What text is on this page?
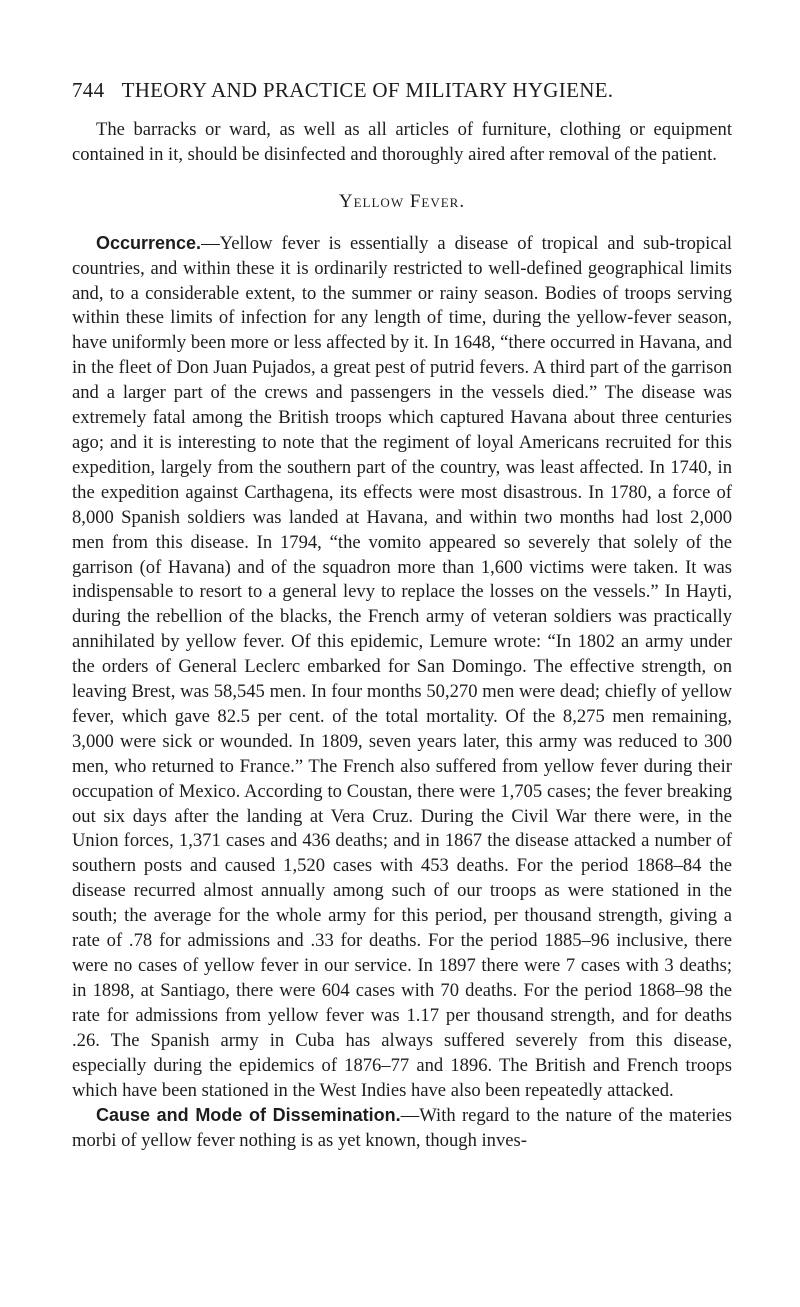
744 THEORY AND PRACTICE OF MILITARY HYGIENE.

The barracks or ward, as well as all articles of furniture, clothing or equipment contained in it, should be disinfected and thoroughly aired after removal of the patient.

Yellow Fever.

Occurrence.—Yellow fever is essentially a disease of tropical and sub-tropical countries, and within these it is ordinarily restricted to well-defined geographical limits and, to a considerable extent, to the summer or rainy season. Bodies of troops serving within these limits of infection for any length of time, during the yellow-fever season, have uniformly been more or less affected by it. In 1648, “there occurred in Havana, and in the fleet of Don Juan Pujados, a great pest of putrid fevers. A third part of the garrison and a larger part of the crews and passengers in the vessels died.” The disease was extremely fatal among the British troops which captured Havana about three centuries ago; and it is interesting to note that the regiment of loyal Americans recruited for this expedition, largely from the southern part of the country, was least affected. In 1740, in the expedition against Carthagena, its effects were most disastrous. In 1780, a force of 8,000 Spanish soldiers was landed at Havana, and within two months had lost 2,000 men from this disease. In 1794, “the vomito appeared so severely that solely of the garrison (of Havana) and of the squadron more than 1,600 victims were taken. It was indispensable to resort to a general levy to replace the losses on the vessels.” In Hayti, during the rebellion of the blacks, the French army of veteran soldiers was practically annihilated by yellow fever. Of this epidemic, Lemure wrote: “In 1802 an army under the orders of General Leclerc embarked for San Domingo. The effective strength, on leaving Brest, was 58,545 men. In four months 50,270 men were dead; chiefly of yellow fever, which gave 82.5 per cent. of the total mortality. Of the 8,275 men remaining, 3,000 were sick or wounded. In 1809, seven years later, this army was reduced to 300 men, who returned to France.” The French also suffered from yellow fever during their occupation of Mexico. According to Coustan, there were 1,705 cases; the fever breaking out six days after the landing at Vera Cruz. During the Civil War there were, in the Union forces, 1,371 cases and 436 deaths; and in 1867 the disease attacked a number of southern posts and caused 1,520 cases with 453 deaths. For the period 1868–84 the disease recurred almost annually among such of our troops as were stationed in the south; the average for the whole army for this period, per thousand strength, giving a rate of .78 for admissions and .33 for deaths. For the period 1885–96 inclusive, there were no cases of yellow fever in our service. In 1897 there were 7 cases with 3 deaths; in 1898, at Santiago, there were 604 cases with 70 deaths. For the period 1868–98 the rate for admissions from yellow fever was 1.17 per thousand strength, and for deaths .26. The Spanish army in Cuba has always suffered severely from this disease, especially during the epidemics of 1876–77 and 1896. The British and French troops which have been stationed in the West Indies have also been repeatedly attacked.

Cause and Mode of Dissemination.—With regard to the nature of the materies morbi of yellow fever nothing is as yet known, though inves-
